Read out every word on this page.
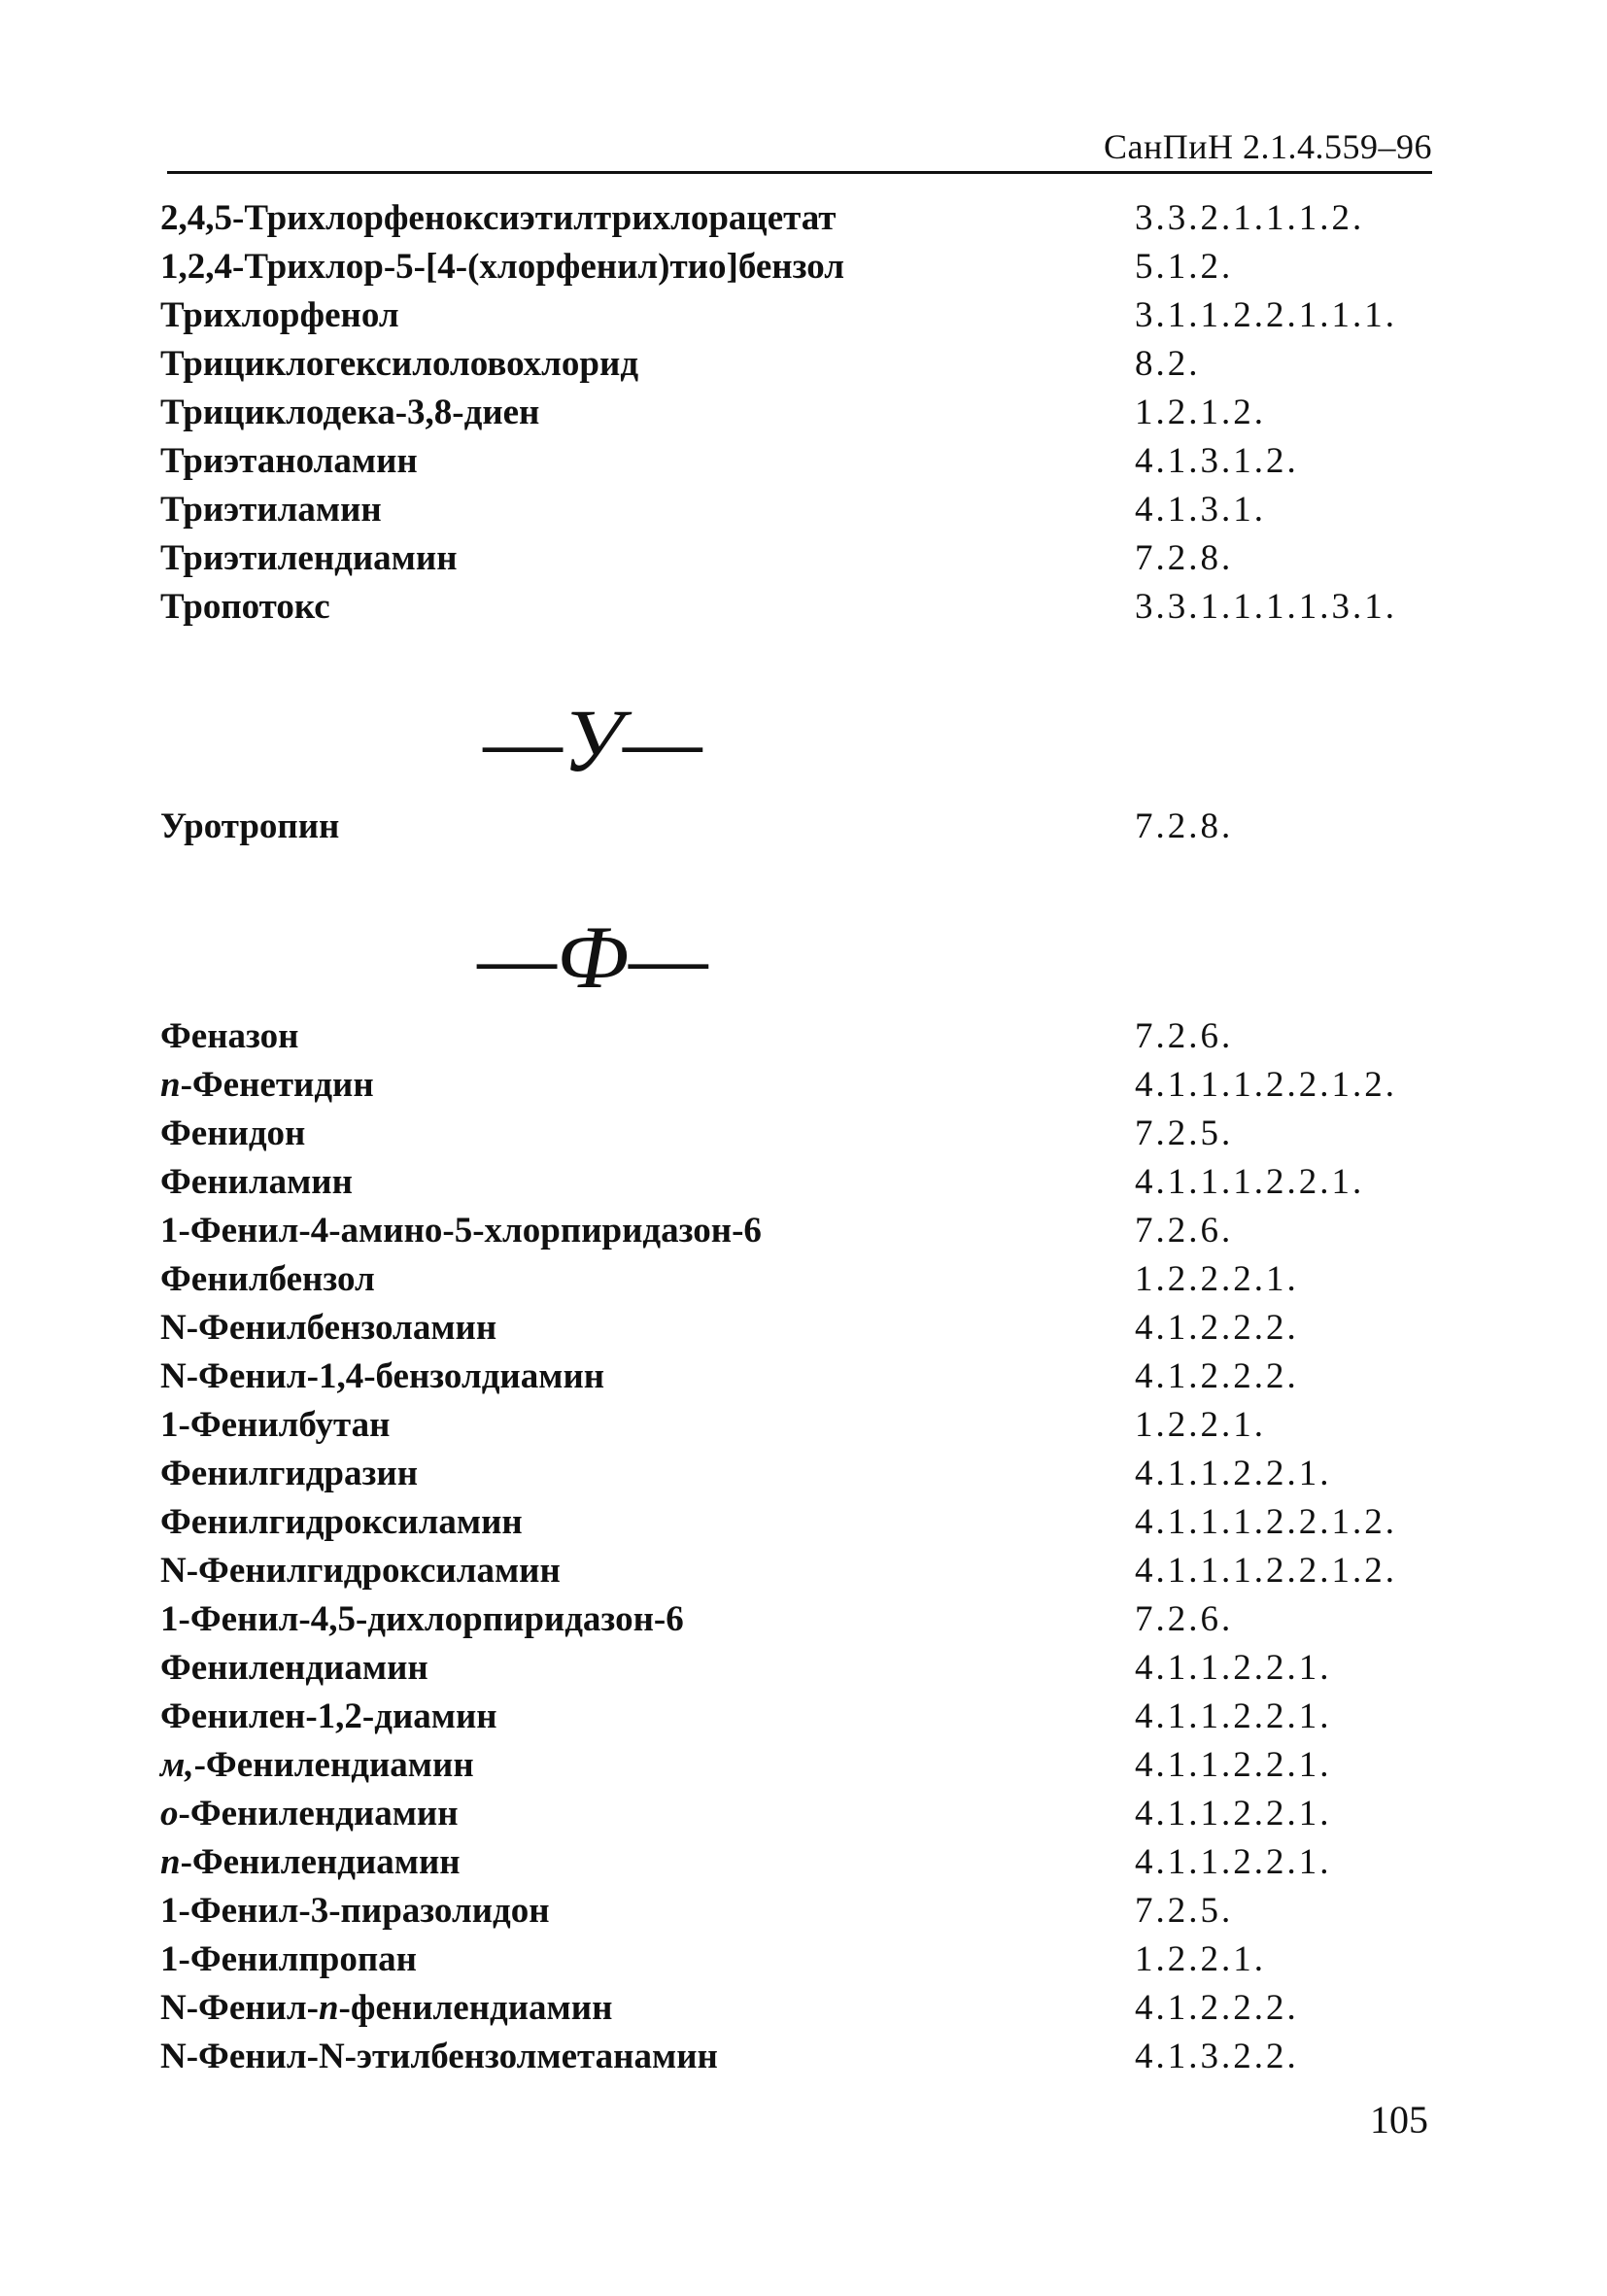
СанПиН 2.1.4.559–96
2,4,5-Трихлорфеноксиэтилтрихлорацетат	3.3.2.1.1.1.2.
1,2,4-Трихлор-5-[4-(хлорфенил)тио]бензол	5.1.2.
Трихлорфенол	3.1.1.2.2.1.1.1.
Трициклогексилоловохлорид	8.2.
Трициклодека-3,8-диен	1.2.1.2.
Триэтаноламин	4.1.3.1.2.
Триэтиламин	4.1.3.1.
Триэтилендиамин	7.2.8.
Тропотокс	3.3.1.1.1.1.3.1.
—У—
Уротропин	7.2.8.
—Ф—
Феназон	7.2.6.
п-Фенетидин	4.1.1.1.2.2.1.2.
Фенидон	7.2.5.
Фениламин	4.1.1.1.2.2.1.
1-Фенил-4-амино-5-хлорпиридазон-6	7.2.6.
Фенилбензол	1.2.2.2.1.
N-Фенилбензоламин	4.1.2.2.2.
N-Фенил-1,4-бензолдиамин	4.1.2.2.2.
1-Фенилбутан	1.2.2.1.
Фенилгидразин	4.1.1.2.2.1.
Фенилгидроксиламин	4.1.1.1.2.2.1.2.
N-Фенилгидроксиламин	4.1.1.1.2.2.1.2.
1-Фенил-4,5-дихлорпиридазон-6	7.2.6.
Фенилендиамин	4.1.1.2.2.1.
Фенилен-1,2-диамин	4.1.1.2.2.1.
м,-Фенилендиамин	4.1.1.2.2.1.
о-Фенилендиамин	4.1.1.2.2.1.
п-Фенилендиамин	4.1.1.2.2.1.
1-Фенил-3-пиразолидон	7.2.5.
1-Фенилпропан	1.2.2.1.
N-Фенил-п-фенилендиамин	4.1.2.2.2.
N-Фенил-N-этилбензолметанамин	4.1.3.2.2.
105
